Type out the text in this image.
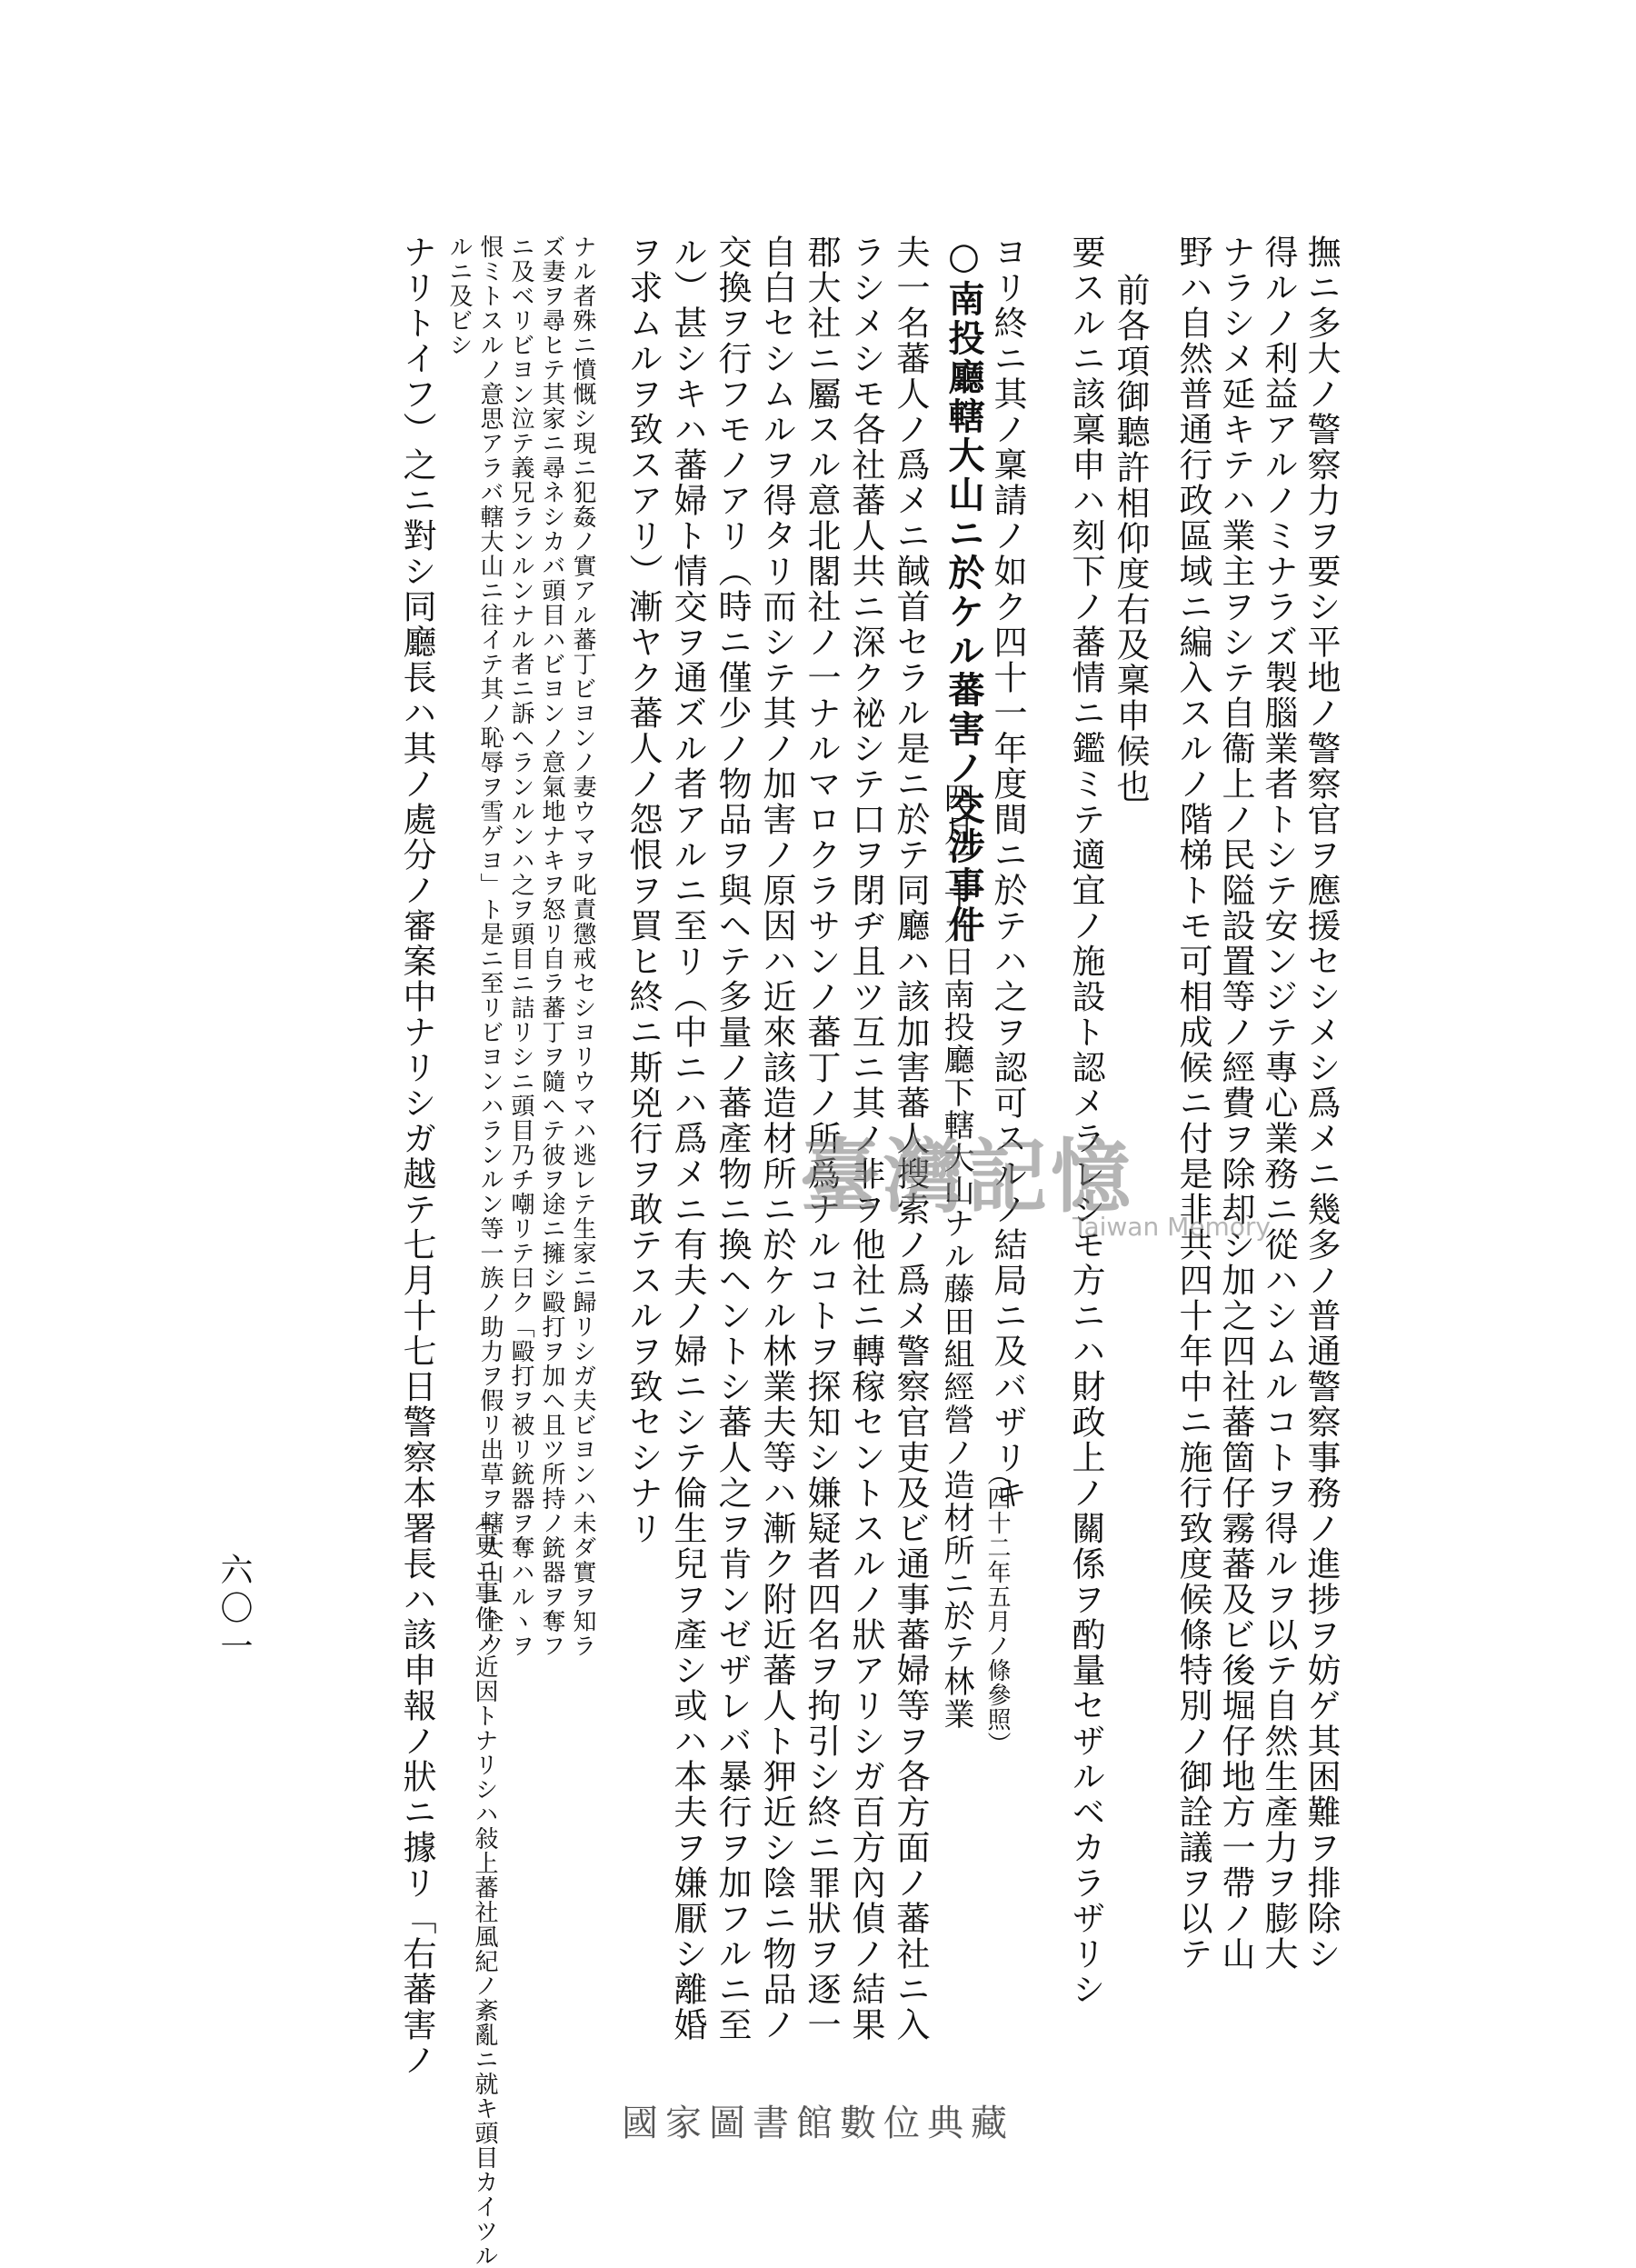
撫ニ多大ノ警察力ヲ要シ平地ノ警察官ヲ應援セシメシ爲メニ幾多ノ普通警察事務ノ進捗ヲ妨ゲ其困難ヲ排除シ
得ルノ利益アルノミナラズ製腦業者トシテ安ンジテ專心業務ニ從ハシムルコトヲ得ルヲ以テ自然生產力ヲ膨大
ナラシメ延キテハ業主ヲシテ自衞上ノ民隘設置等ノ經費ヲ除却シ加之四社蕃箇仔霧蕃及ビ後堀仔地方一帶ノ山
野ハ自然普通行政區域ニ編入スルノ階梯トモ可相成候ニ付是非共四十年中ニ施行致度候條特別ノ御詮議ヲ以テ
前各項御聽許相仰度右及稟申候也
要スルニ該稟申ハ刻下ノ蕃情ニ鑑ミテ適宜ノ施設ト認メラレシモ方ニハ財政上ノ關係ヲ酌量セザルベカラザリシ
ヨリ終ニ其ノ稟請ノ如ク四十一年度間ニ於テハ之ヲ認可スルノ結局ニ及バザリキ
○南投廳轄大山ニ於ケル蕃害ノ交涉事件
四月二十九日南投廳下轄大山ナル藤田組經營ノ造材所ニ於テ林業 （四十二年五月ノ條參照）
夫一名蕃人ノ爲メニ馘首セラル是ニ於テ同廳ハ該加害蕃人搜索ノ爲メ警察官吏及ビ通事蕃婦等ヲ各方面ノ蕃社ニ入
ラシメシモ各社蕃人共ニ深ク祕シテ口ヲ閉ヂ且ツ互ニ其ノ非ヲ他社ニ轉稼セントスルノ狀アリシガ百方內偵ノ結果
郡大社ニ屬スル意北閣社ノ一ナルマロクラサンノ蕃丁ノ所爲ナルコトヲ探知シ嫌疑者四名ヲ拘引シ終ニ罪狀ヲ逐一
自白セシムルヲ得タリ而シテ其ノ加害ノ原因ハ近來該造材所ニ於ケル林業夫等ハ漸ク附近蕃人ト狎近シ陰ニ物品ノ
交換ヲ行フモノアリ（時ニ僅少ノ物品ヲ與ヘテ多量ノ蕃產物ニ換ヘントシ蕃人之ヲ肯ンゼザレバ暴行ヲ加フルニ至
ル）甚シキハ蕃婦ト情交ヲ通ズル者アルニ至リ（中ニハ爲メニ有夫ノ婦ニシテ倫生兒ヲ產シ或ハ本夫ヲ嫌厭シ離婚
ヲ求ムルヲ致スアリ）漸ヤク蕃人ノ怨恨ヲ買ヒ終ニ斯兇行ヲ敢テスルヲ致セシナリ
（更ニ事件ノ近因トナリシハ敍上蕃社風紀ノ紊亂ニ就キ頭目カイツル
ナル者殊ニ憤慨シ現ニ犯姦ノ實アル蕃丁ビヨンノ妻ウマヲ叱責懲戒セシヨリウマハ逃レテ生家ニ歸リシガ夫ビヨンハ未ダ實ヲ知ラ
ズ妻ヲ尋ヒテ其家ニ尋ネシカバ頭目ハビヨンノ意氣地ナキヲ怒リ自ラ蕃丁ヲ隨ヘテ彼ヲ途ニ擁シ毆打ヲ加ヘ且ツ所持ノ銃器ヲ奪フ
ニ及ベリビヨン泣テ義兄ランルンナル者ニ訴ヘランルンハ之ヲ頭目ニ詰リシニ頭目乃チ嘲リテ曰ク「毆打ヲ被リ銃器ヲ奪ハルヽヲ
恨ミトスルノ意思アラバ轄大山ニ往イテ其ノ恥辱ヲ雪ゲヨ」ト是ニ至リビヨンハランルン等一族ノ助力ヲ假リ出草ヲ轄大山ニ企ツ
ルニ及ビシ
ナリトイフ）之ニ對シ同廳長ハ其ノ處分ノ審案中ナリシガ越テ七月十七日警察本署長ハ該申報ノ狀ニ據リ「右蕃害ノ
六〇一
臺灣記憶
Taiwan Memory
國家圖書館數位典藏
